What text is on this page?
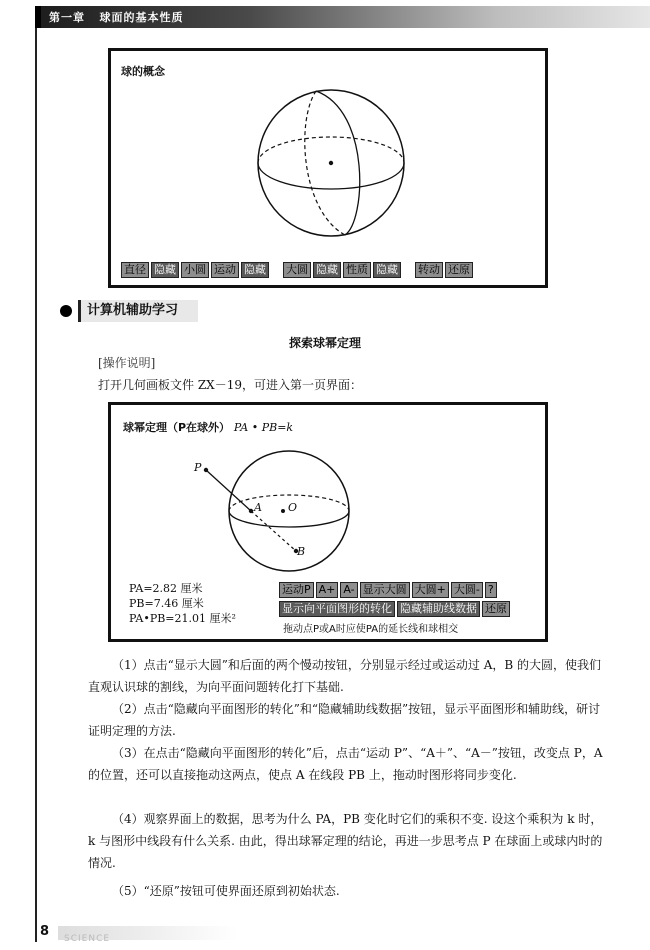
第一章 球面的基本性质
球的概念
直径 隐藏 小圆 运动 隐藏 大圆 隐藏 性质 隐藏 转动 还原
计算机辅助学习
探索球幂定理
[操作说明]
打开几何画板文件 ZX－19，可进入第一页界面：
球幂定理（P在球外） PA • PB=k
P
A O
B
PA=2.82 厘米
PB=7.46 厘米
PA•PB=21.01 厘米²
运动P A+ A- 显示大圆 大圆+ 大圆- ?
显示向平面图形的转化 隐藏辅助线数据 还原
拖动点P或A时应使PA的延长线和球相交
（1）点击“显示大圆”和后面的两个慢动按钮，分别显示经过或运动过 A，B 的大圆，使我们直观认识球的割线，为向平面问题转化打下基础.
（2）点击“隐藏向平面图形的转化”和“隐藏辅助线数据”按钮，显示平面图形和辅助线，研讨证明定理的方法.
（3）在点击“隐藏向平面图形的转化”后，点击“运动 P”、“A＋”、“A－”按钮，改变点 P，A 的位置，还可以直接拖动这两点，使点 A 在线段 PB 上，拖动时图形将同步变化.
（4）观察界面上的数据，思考为什么 PA，PB 变化时它们的乘积不变. 设这个乘积为 k 时，k 与图形中线段有什么关系. 由此，得出球幂定理的结论，再进一步思考点 P 在球面上或球内时的情况.
（5）“还原”按钮可使界面还原到初始状态.
8	SCIENCE
